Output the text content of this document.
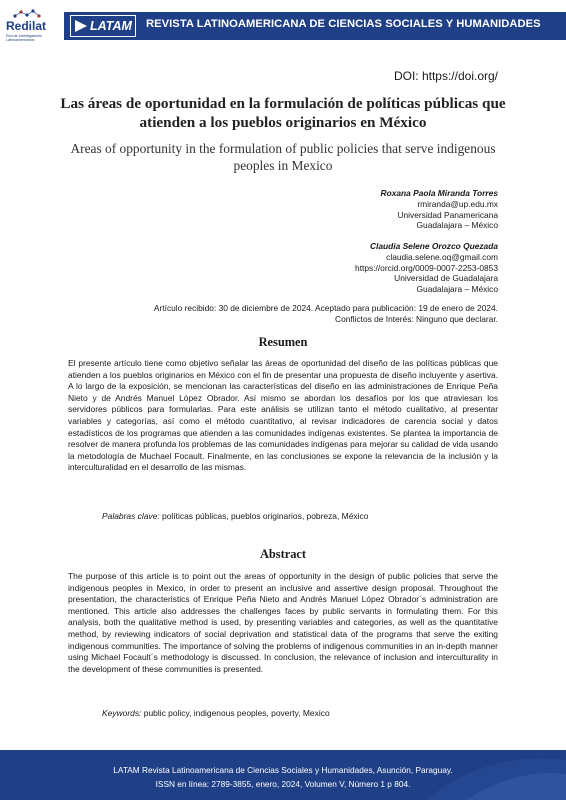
Redilat
Red de Investigadores Latinoamericanos
LATAM REVISTA LATINOAMERICANA DE CIENCIAS SOCIALES Y HUMANIDADES
DOI: https://doi.org/
Las áreas de oportunidad en la formulación de políticas públicas que atienden a los pueblos originarios en México
Areas of opportunity in the formulation of public policies that serve indigenous peoples in Mexico
Roxana Paola Miranda Torres
rmiranda@up.edu.mx
Universidad Panamericana
Guadalajara – México
Claudia Selene Orozco Quezada
claudia.selene.oq@gmail.com
https://orcid.org/0009-0007-2253-0853
Universidad de Guadalajara
Guadalajara – México
Artículo recibido: 30 de diciembre de 2024. Aceptado para publicación: 19 de enero de 2024.
Conflictos de Interés: Ninguno que declarar.
Resumen
El presente artículo tiene como objetivo señalar las áreas de oportunidad del diseño de las políticas públicas que atienden a los pueblos originarios en México con el fin de presentar una propuesta de diseño incluyente y asertiva. A lo largo de la exposición, se mencionan las características del diseño en las administraciones de Enrique Peña Nieto y de Andrés Manuel López Obrador. Así mismo se abordan los desafíos por los que atraviesan los servidores públicos para formularlas. Para este análisis se utilizan tanto el método cualitativo, al presentar variables y categorías, así como el método cuantitativo, al revisar indicadores de carencia social y datos estadísticos de los programas que atienden a las comunidades indígenas existentes. Se plantea la importancia de resolver de manera profunda los problemas de las comunidades indígenas para mejorar su calidad de vida usando la metodología de Muchael Focault. Finalmente, en las conclusiones se expone la relevancia de la inclusión y la interculturalidad en el desarrollo de las mismas.
Palabras clave: políticas públicas, pueblos originarios, pobreza, México
Abstract
The purpose of this article is to point out the areas of opportunity in the design of public policies that serve the indigenous peoples in Mexico, in order to present an inclusive and assertive design proposal. Throughout the presentation, the characteristics of Enrique Peña Nieto and Andrés Manuel López Obrador´s administration are mentioned. This article also addresses the challenges faces by public servants in formulating them. For this analysis, both the qualitative method is used, by presenting variables and categories, as well as the quantitative method, by reviewing indicators of social deprivation and statistical data of the programs that serve the exiting indigenous communities. The importance of solving the problems of indigenous communities in an in-depth manner using Michael Focault´s methodology is discussed. In conclusion, the relevance of inclusion and interculturality in the development of these communities is presented.
Keywords: public policy, indigenous peoples, poverty, Mexico
LATAM Revista Latinoamericana de Ciencias Sociales y Humanidades, Asunción, Paraguay.
ISSN en línea: 2789-3855, enero, 2024, Volumen V, Número 1 p 804.
